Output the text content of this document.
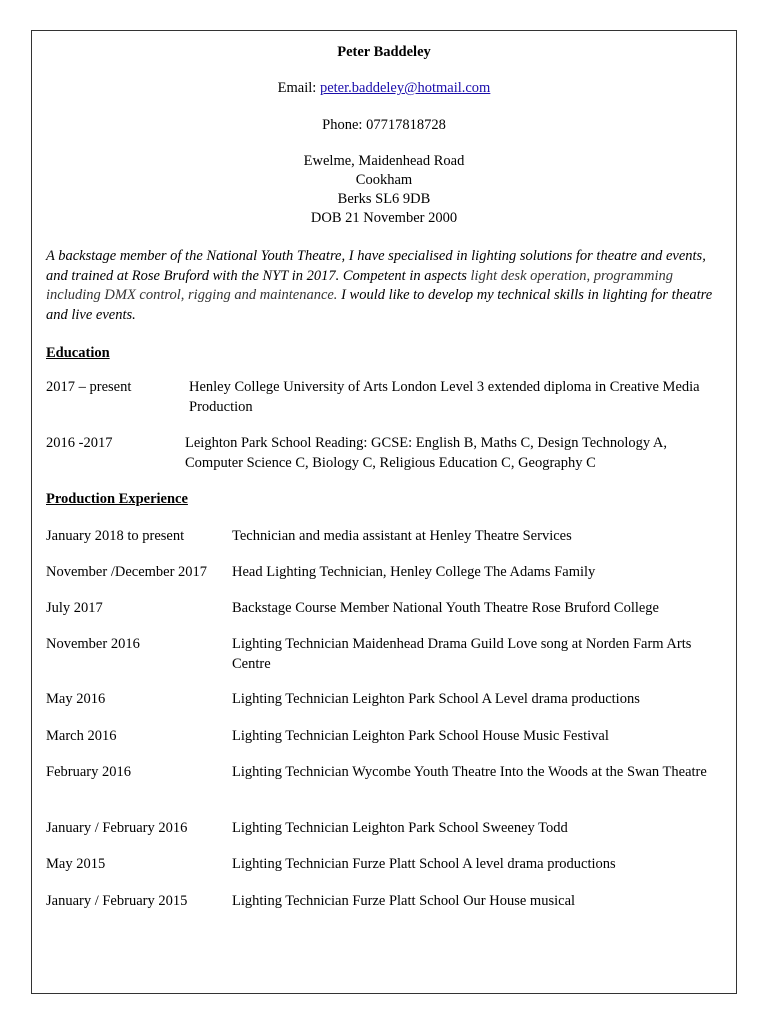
Peter Baddeley
Email: peter.baddeley@hotmail.com
Phone: 07717818728
Ewelme, Maidenhead Road
Cookham
Berks SL6 9DB
DOB 21 November 2000
A backstage member of the National Youth Theatre, I have specialised in lighting solutions for theatre and events, and trained at Rose Bruford with the NYT in 2017. Competent in aspects light desk operation, programming including DMX control, rigging and maintenance. I would like to develop my technical skills in lighting for theatre and live events.
Education
2017 – present	Henley College University of Arts London Level 3 extended diploma in Creative Media Production
2016 -2017	Leighton Park School Reading: GCSE: English B, Maths C, Design Technology A, Computer Science C, Biology C, Religious Education C, Geography C
Production Experience
January 2018 to present	Technician and media assistant at Henley Theatre Services
November /December 2017 Head Lighting Technician, Henley College The Adams Family
July 2017	Backstage Course Member National Youth Theatre Rose Bruford College
November 2016	Lighting Technician Maidenhead Drama Guild Love song at Norden Farm Arts Centre
May 2016	Lighting Technician Leighton Park School A Level drama productions
March 2016	Lighting Technician Leighton Park School House Music Festival
February 2016	Lighting Technician Wycombe Youth Theatre Into the Woods at the Swan Theatre
January / February 2016	Lighting Technician Leighton Park School Sweeney Todd
May 2015	Lighting Technician Furze Platt School A level drama productions
January / February 2015	Lighting Technician Furze Platt School Our House musical
